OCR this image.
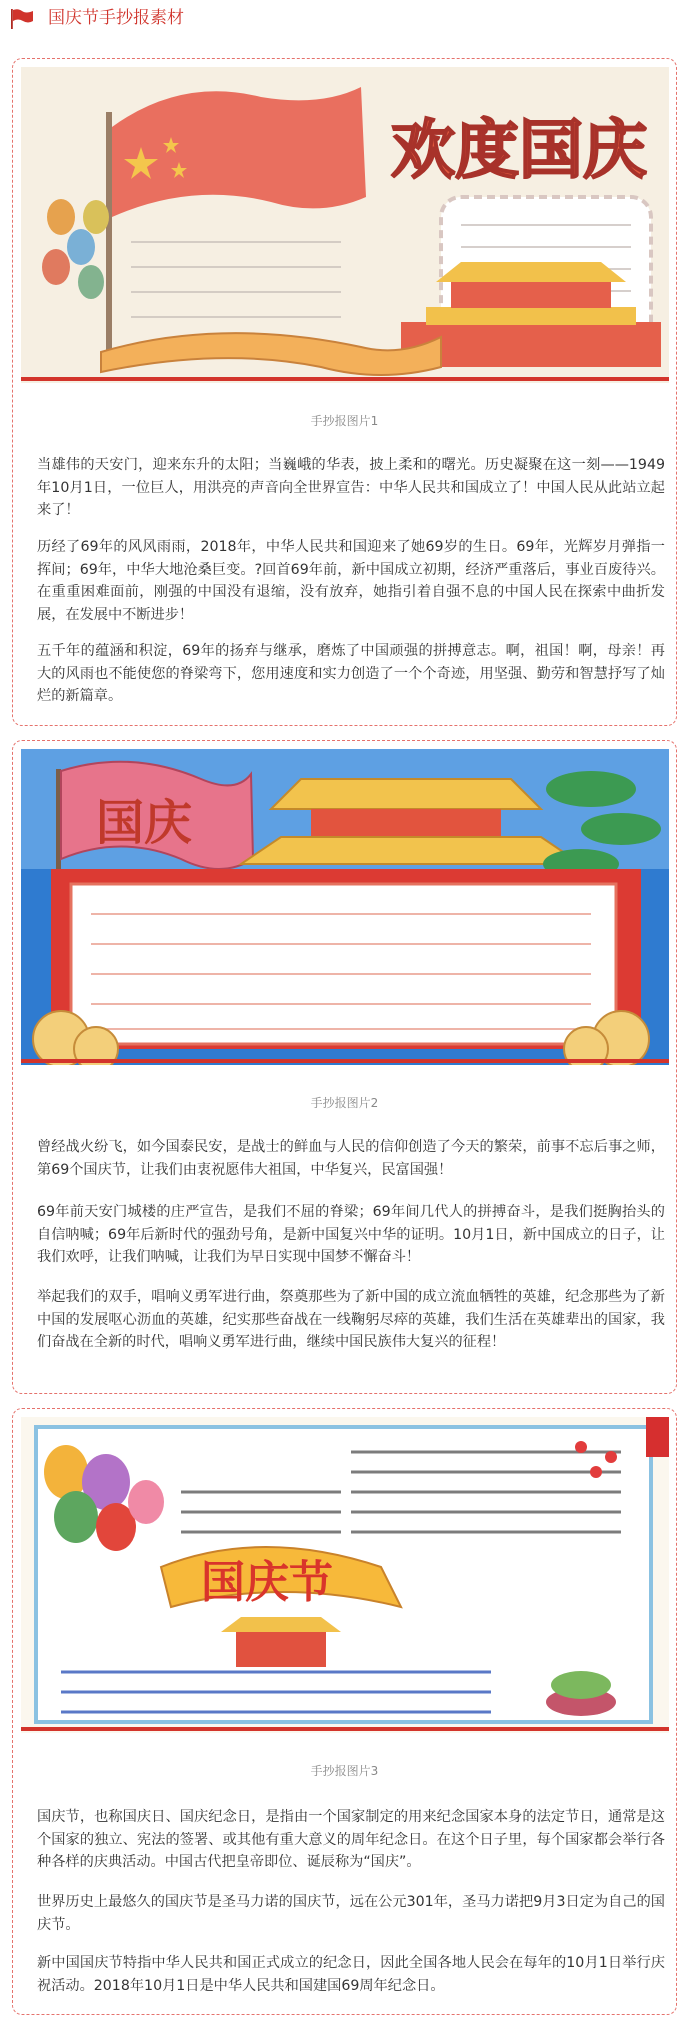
国庆节手抄报素材
欢度国庆
手抄报图片1

当雄伟的天安门，迎来东升的太阳；当巍峨的华表，披上柔和的曙光。历史凝聚在这一刻——1949年10月1日，一位巨人，用洪亮的声音向全世界宣告：中华人民共和国成立了！中国人民从此站立起来了！

历经了69年的风风雨雨，2018年，中华人民共和国迎来了她69岁的生日。69年，光辉岁月弹指一挥间；69年，中华大地沧桑巨变。?回首69年前，新中国成立初期，经济严重落后，事业百废待兴。在重重困难面前，刚强的中国没有退缩，没有放弃，她指引着自强不息的中国人民在探索中曲折发展，在发展中不断进步！

五千年的蕴涵和积淀，69年的扬弃与继承，磨炼了中国顽强的拼搏意志。啊，祖国！啊，母亲！再大的风雨也不能使您的脊梁弯下，您用速度和实力创造了一个个奇迹，用坚强、勤劳和智慧抒写了灿烂的新篇章。

国庆
手抄报图片2

曾经战火纷飞，如今国泰民安，是战士的鲜血与人民的信仰创造了今天的繁荣，前事不忘后事之师，第69个国庆节，让我们由衷祝愿伟大祖国，中华复兴，民富国强！

69年前天安门城楼的庄严宣告，是我们不屈的脊梁；69年间几代人的拼搏奋斗，是我们挺胸抬头的自信呐喊；69年后新时代的强劲号角，是新中国复兴中华的证明。10月1日，新中国成立的日子，让我们欢呼，让我们呐喊，让我们为早日实现中国梦不懈奋斗！

举起我们的双手，唱响义勇军进行曲，祭奠那些为了新中国的成立流血牺牲的英雄，纪念那些为了新中国的发展呕心沥血的英雄，纪实那些奋战在一线鞠躬尽瘁的英雄，我们生活在英雄辈出的国家，我们奋战在全新的时代，唱响义勇军进行曲，继续中国民族伟大复兴的征程！

国庆节
手抄报图片3

国庆节，也称国庆日、国庆纪念日，是指由一个国家制定的用来纪念国家本身的法定节日，通常是这个国家的独立、宪法的签署、或其他有重大意义的周年纪念日。在这个日子里，每个国家都会举行各种各样的庆典活动。中国古代把皇帝即位、诞辰称为“国庆”。

世界历史上最悠久的国庆节是圣马力诺的国庆节，远在公元301年，圣马力诺把9月3日定为自己的国庆节。

新中国国庆节特指中华人民共和国正式成立的纪念日，因此全国各地人民会在每年的10月1日举行庆祝活动。2018年10月1日是中华人民共和国建国69周年纪念日。
